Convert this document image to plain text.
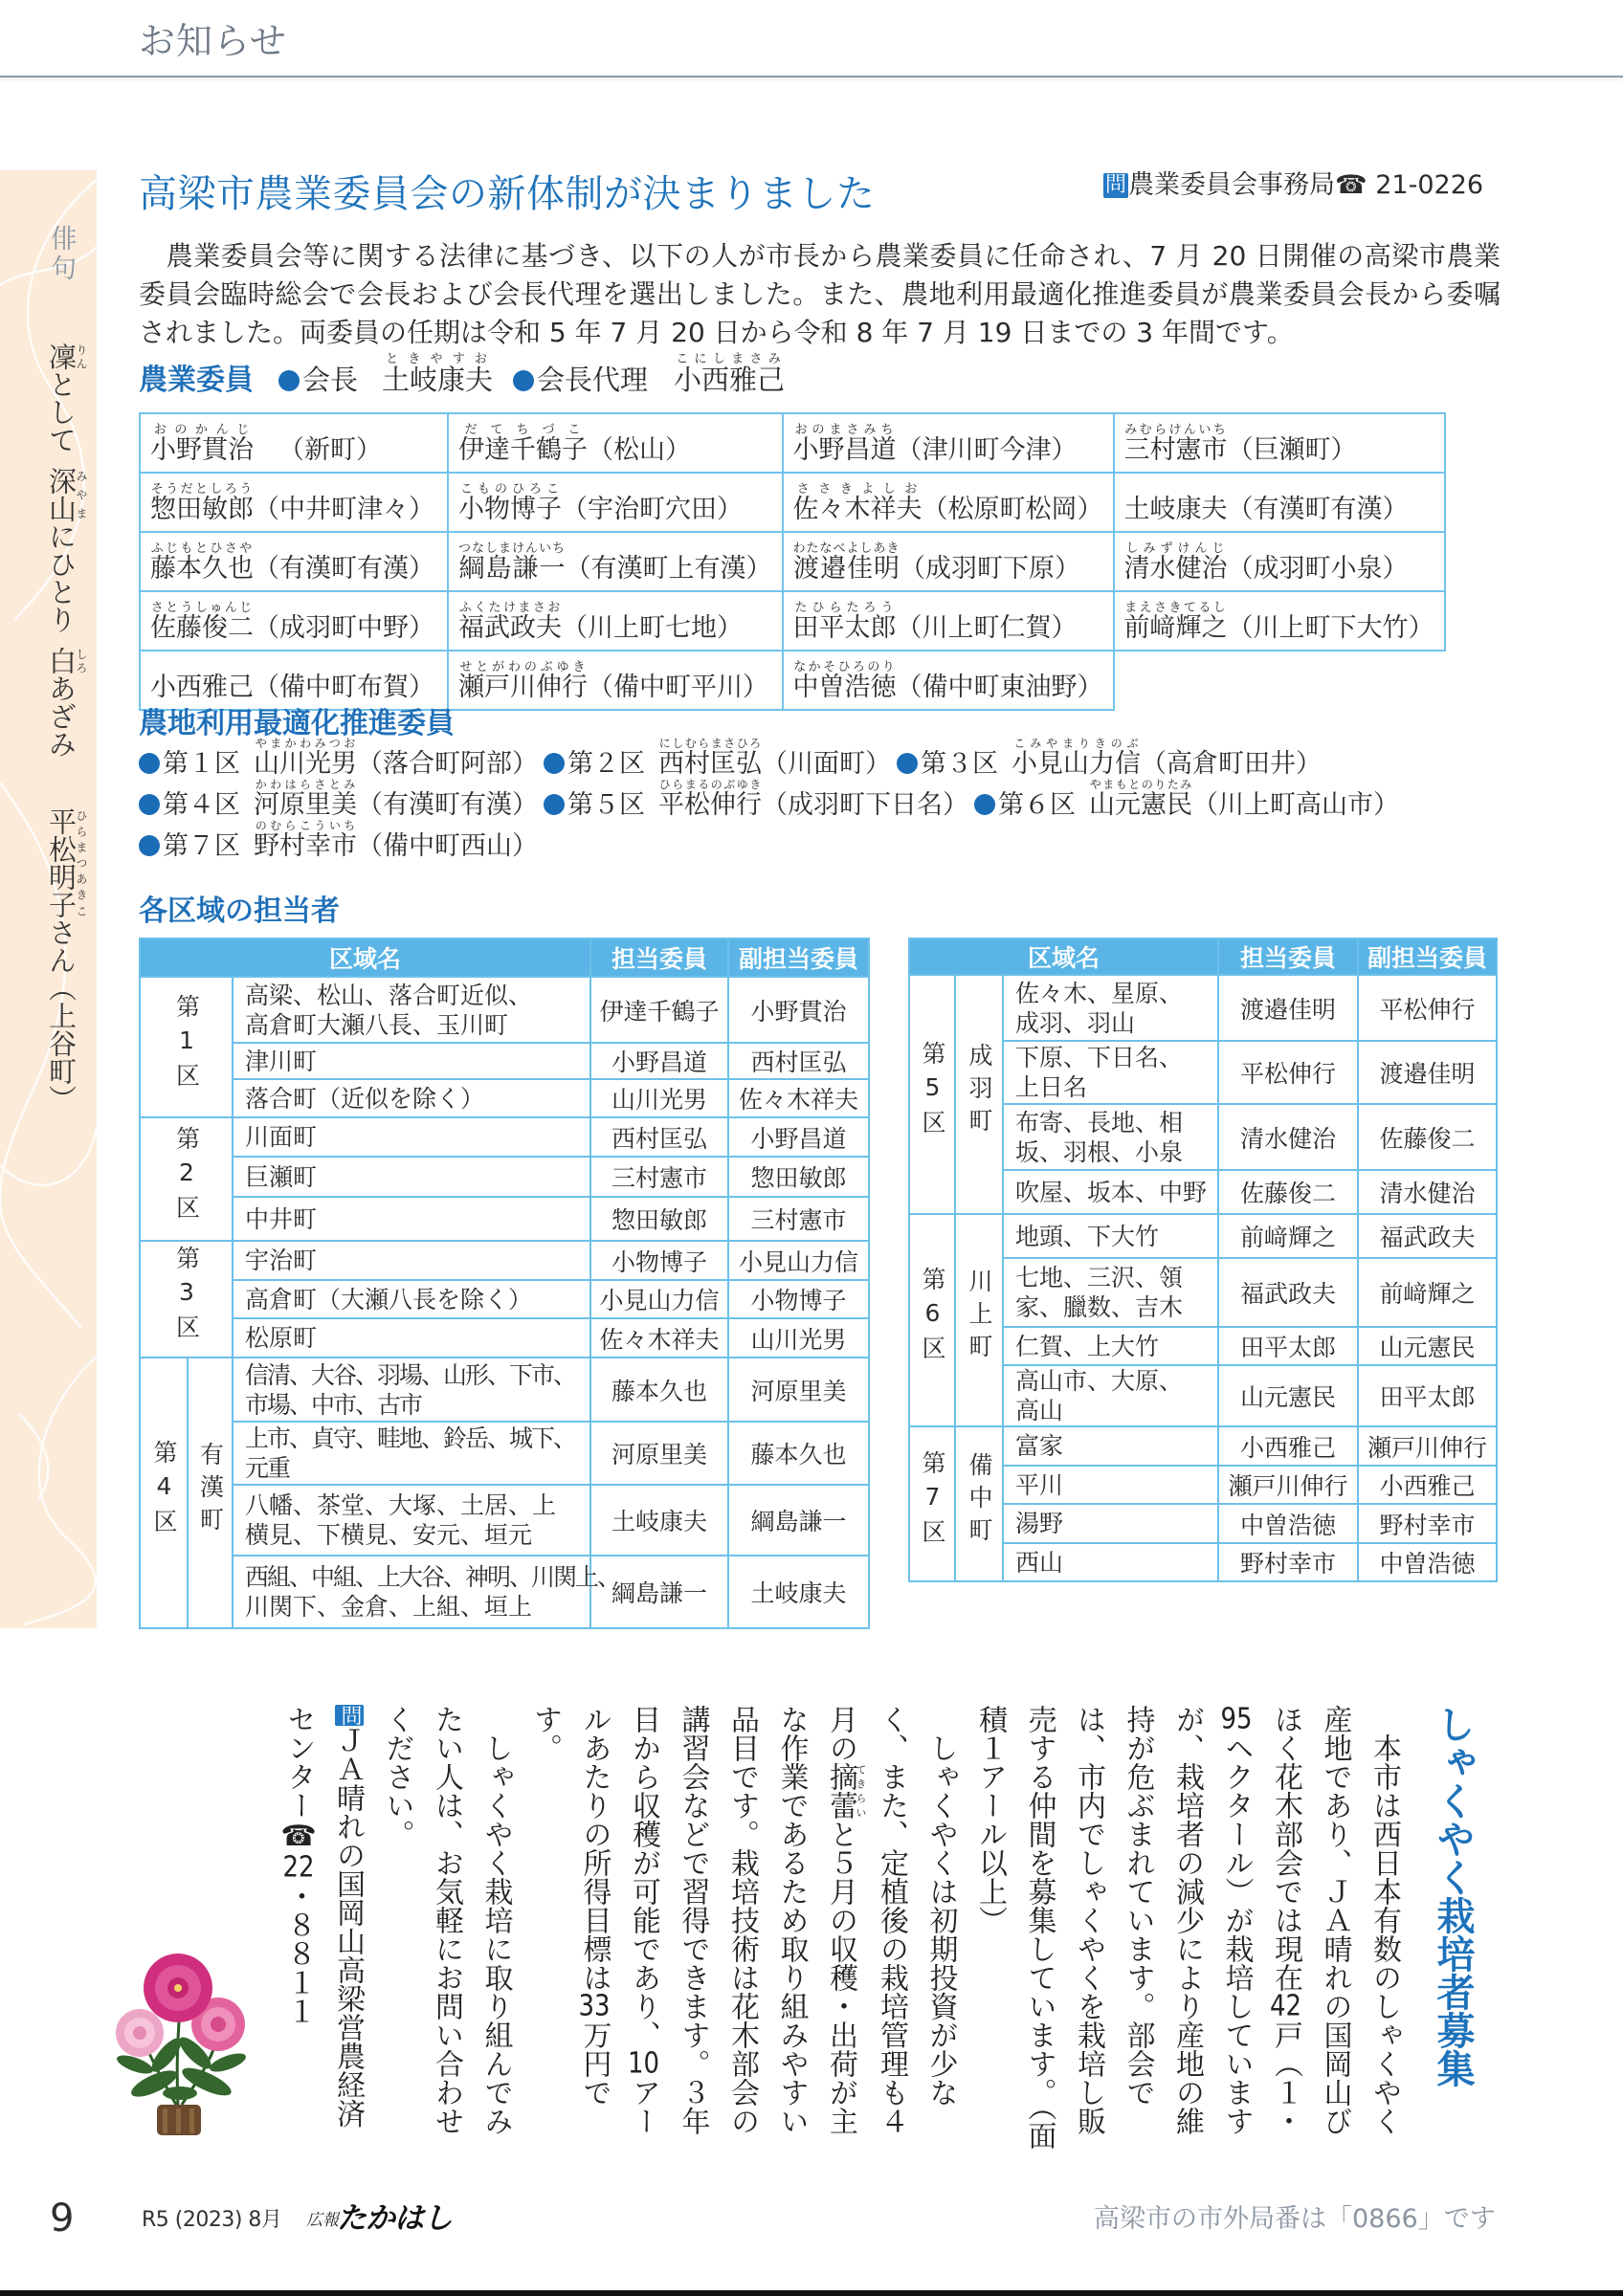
お知らせ
俳句
凜りんとして深山みやまにひとり白しろあざみ
平松明子ひらまつあきこさん（上谷町）
高梁市農業委員会の新体制が決まりました	問農業委員会事務局☎ 21-0226
　農業委員会等に関する法律に基づき、以下の人が市長から農業委員に任命され、7 月 20 日開催の高梁市農業
委員会臨時総会で会長および会長代理を選出しました。また、農地利用最適化推進委員が農業委員会長から委嘱
されました。両委員の任期は令和 5 年 7 月 20 日から令和 8 年 7 月 19 日までの 3 年間です。
農業委員	会長 土岐康夫ときやすお
会長代理 小西雅己こにしまさみ
小野貫治おのかんじ（新町）	伊達千鶴子だてちづこ（松山）	小野昌道おのまさみち（津川町今津）	三村憲市みむらけんいち（巨瀬町）
惣田敏郎そうだとしろう（中井町津々）	小物博子こものひろこ（宇治町穴田）	佐々木祥夫ささきよしお（松原町松岡）	土岐康夫（有漢町有漢）
藤本久也ふじもとひさや（有漢町有漢）	綱島謙一つなしまけんいち（有漢町上有漢）	渡邉佳明わたなべよしあき（成羽町下原）	清水健治しみずけんじ（成羽町小泉）
佐藤俊二さとうしゅんじ（成羽町中野）	福武政夫ふくたけまさお（川上町七地）	田平太郎たひらたろう（川上町仁賀）	前﨑輝之まえさきてるし（川上町下大竹）
小西雅己（備中町布賀）	瀬戸川伸行せとがわのぶゆき（備中町平川）	中曽浩徳なかそひろのり（備中町東油野）	
農地利用最適化推進委員
第１区 山川光男やまかわみつお（落合町阿部）	第２区 西村匡弘にしむらまさひろ（川面町）	第３区 小見山力信こみやまりきのぶ（高倉町田井）
第４区 河原里美かわはらさとみ（有漢町有漢）	第５区 平松伸行ひらまるのぶゆき（成羽町下日名）	第６区 山元憲民やまもとのりたみ（川上町高山市）
第７区 野村幸市のむらこういち（備中町西山）
各区域の担当者
区域名			担当委員	副担当委員
第1区		高梁、松山、落合町近似、
高倉町大瀬八長、玉川町	伊達千鶴子	小野貫治

		津川町	小野昌道	西村匡弘

		落合町（近似を除く）	山川光男	佐々木祥夫
第2区		川面町	西村匡弘	小野昌道

		巨瀬町	三村憲市	惣田敏郎

		中井町	惣田敏郎	三村憲市
第3区		宇治町	小物博子	小見山力信

		高倉町（大瀬八長を除く）	小見山力信	小物博子

		松原町	佐々木祥夫	山川光男
第4区	有漢町	信清、大谷、羽場、山形、下市、
市場、中市、古市	藤本久也	河原里美

		上市、貞守、畦地、鈴岳、城下、
元重	河原里美	藤本久也

		八幡、茶堂、大塚、土居、上
横見、下横見、安元、垣元	土岐康夫	綱島謙一

		西組、中組、上大谷、神明、川関上、
川関下、金倉、上組、垣上	綱島謙一	土岐康夫
区域名			担当委員	副担当委員
第5区	成羽町	佐々木、星原、
成羽、羽山	渡邉佳明	平松伸行

		下原、下日名、
上日名	平松伸行	渡邉佳明

		布寄、長地、相
坂、羽根、小泉	清水健治	佐藤俊二

		吹屋、坂本、中野	佐藤俊二	清水健治
第6区	川上町	地頭、下大竹	前﨑輝之	福武政夫

		七地、三沢、領
家、臘数、吉木	福武政夫	前﨑輝之

		仁賀、上大竹	田平太郎	山元憲民

		高山市、大原、
高山	山元憲民	田平太郎
第7区	備中町	富家	小西雅己	瀬戸川伸行

		平川	瀬戸川伸行	小西雅己

		湯野	中曽浩徳	野村幸市

		西山	野村幸市	中曽浩徳
しゃくやく栽培者募集
　本市は西日本有数のしゃくやく
産地であり、ＪＡ晴れの国岡山び
ほく花木部会では現在42戸（１・
95ヘクタール）が栽培しています
が、栽培者の減少により産地の維
持が危ぶまれています。部会で
は、市内でしゃくやくを栽培し販
売する仲間を募集しています。（面
積１アール以上）
　しゃくやくは初期投資が少な
く、また、定植後の栽培管理も４
月の摘蕾てきらいと５月の収穫・出荷が主
な作業であるため取り組みやすい
品目です。栽培技術は花木部会の
講習会などで習得できます。３年
目から収穫が可能であり、10アー
ルあたりの所得目標は33万円で
す。
　しゃくやく栽培に取り組んでみ
たい人は、お気軽にお問い合わせ
ください。
問ＪＡ晴れの国岡山高梁営農経済
センター☎22・８８１１
9	R5 (2023) 8月 広報
たかはし	高梁市の市外局番は「0866」です
